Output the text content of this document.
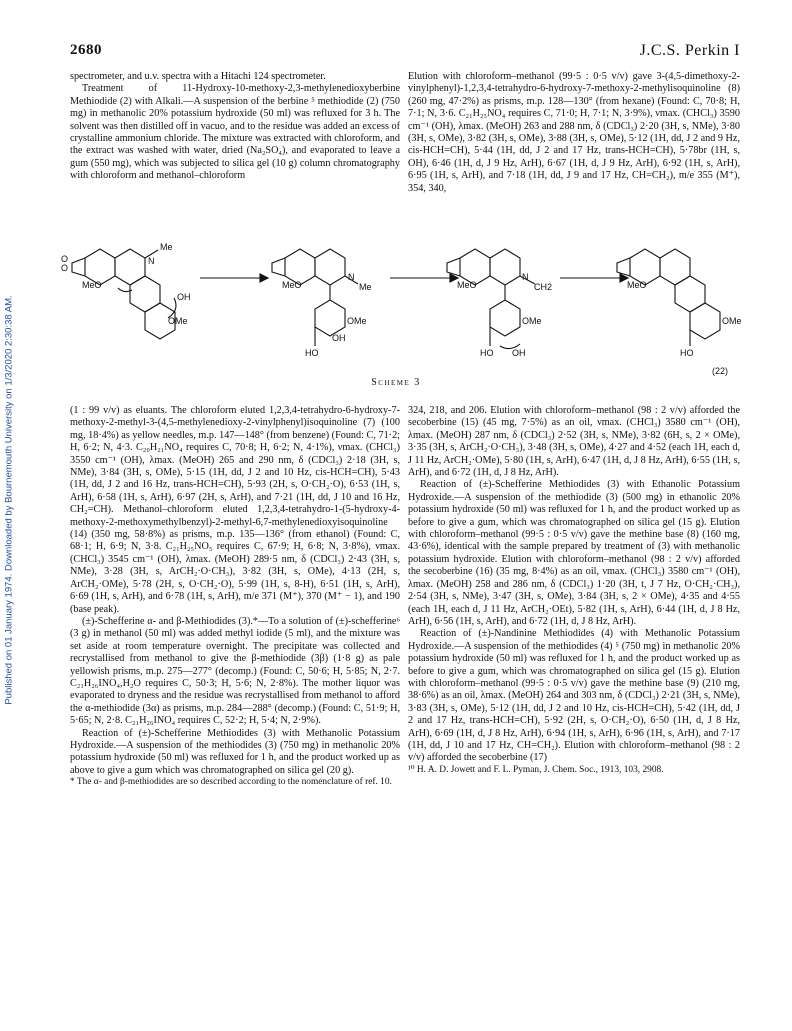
2680	J.C.S. Perkin I
Published on 01 January 1974. Downloaded by Bournemouth University on 1/3/2020 2:30:38 AM.

spectrometer, and u.v. spectra with a Hitachi 124 spectrometer.

Treatment of 11-Hydroxy-10-methoxy-2,3-methylenedioxyberbine Methiodide (2) with Alkali.—A suspension of the berbine ⁵ methiodide (2) (750 mg) in methanolic 20% potassium hydroxide (50 ml) was refluxed for 3 h. The solvent was then distilled off in vacuo, and to the residue was added an excess of crystalline ammonium chloride. The mixture was extracted with chloroform, and the extract was washed with water, dried (Na₂SO₄), and evaporated to leave a gum (550 mg), which was subjected to silica gel (10 g) column chromatography with chloroform and methanol–chloroform

Elution with chloroform–methanol (99·5 : 0·5 v/v) gave 3-(4,5-dimethoxy-2-vinylphenyl)-1,2,3,4-tetrahydro-6-hydroxy-7-methoxy-2-methylisoquinoline (8) (260 mg, 47·2%) as prisms, m.p. 128—130° (from hexane) (Found: C, 70·8; H, 7·1; N, 3·6. C₂₁H₂₅NO₄ requires C, 71·0; H, 7·1; N, 3·9%), νmax. (CHCl₃) 3590 cm⁻¹ (OH), λmax. (MeOH) 263 and 288 nm, δ (CDCl₃) 2·20 (3H, s, NMe), 3·80 (3H, s, OMe), 3·82 (3H, s, OMe), 3·88 (3H, s, OMe), 5·12 (1H, dd, J 2 and 9 Hz, cis-HCH=CH), 5·44 (1H, dd, J 2 and 17 Hz, trans-HCH=CH), 5·78br (1H, s, OH), 6·46 (1H, d, J 9 Hz, ArH), 6·67 (1H, d, J 9 Hz, ArH), 6·92 (1H, s, ArH), 6·95 (1H, s, ArH), and 7·18 (1H, dd, J 9 and 17 Hz, CH=CH₂), m/e 355 (M⁺), 354, 340,

O
O
MeO
N
Me
OH
OMe
MeO
N
Me
OMe
OH
HO
MeO
N
CH2
OMe
HO OH
MeO
OMe
HO
(22)
Scheme 3

(1 : 99 v/v) as eluants. The chloroform eluted 1,2,3,4-tetrahydro-6-hydroxy-7-methoxy-2-methyl-3-(4,5-methylenedioxy-2-vinylphenyl)isoquinoline (7) (100 mg, 18·4%) as yellow needles, m.p. 147—148° (from benzene) (Found: C, 71·2; H, 6·2; N, 4·3. C₂₀H₂₁NO₄ requires C, 70·8; H, 6·2; N, 4·1%), νmax. (CHCl₃) 3550 cm⁻¹ (OH), λmax. (MeOH) 265 and 290 nm, δ (CDCl₃) 2·18 (3H, s, NMe), 3·84 (3H, s, OMe), 5·15 (1H, dd, J 2 and 10 Hz, cis-HCH=CH), 5·43 (1H, dd, J 2 and 16 Hz, trans-HCH=CH), 5·93 (2H, s, O·CH₂·O), 6·53 (1H, s, ArH), 6·58 (1H, s, ArH), 6·97 (2H, s, ArH), and 7·21 (1H, dd, J 10 and 16 Hz, CH₂=CH). Methanol–chloroform eluted 1,2,3,4-tetrahydro-1-(5-hydroxy-4-methoxy-2-methoxymethylbenzyl)-2-methyl-6,7-methylenedioxyisoquinoline (14) (350 mg, 58·8%) as prisms, m.p. 135—136° (from ethanol) (Found: C, 68·1; H, 6·9; N, 3·8. C₂₁H₂₅NO₅ requires C, 67·9; H, 6·8; N, 3·8%), νmax. (CHCl₃) 3545 cm⁻¹ (OH), λmax. (MeOH) 289·5 nm, δ (CDCl₃) 2·43 (3H, s, NMe), 3·28 (3H, s, ArCH₂·O·CH₃), 3·82 (3H, s, OMe), 4·13 (2H, s, ArCH₂·OMe), 5·78 (2H, s, O·CH₂·O), 5·99 (1H, s, 8-H), 6·51 (1H, s, ArH), 6·69 (1H, s, ArH), and 6·78 (1H, s, ArH), m/e 371 (M⁺), 370 (M⁺ − 1), and 190 (base peak).

(±)-Schefferine α- and β-Methiodides (3).*—To a solution of (±)-schefferine⁶ (3 g) in methanol (50 ml) was added methyl iodide (5 ml), and the mixture was set aside at room temperature overnight. The precipitate was collected and recrystallised from methanol to give the β-methiodide (3β) (1·8 g) as pale yellowish prisms, m.p. 275—277° (decomp.) (Found: C, 50·6; H, 5·85; N, 2·7. C₂₁H₂₆INO₄,H₂O requires C, 50·3; H, 5·6; N, 2·8%). The mother liquor was evaporated to dryness and the residue was recrystallised from methanol to afford the α-methiodide (3α) as prisms, m.p. 284—288° (decomp.) (Found: C, 51·9; H, 5·65; N, 2·8. C₂₁H₂₆INO₄ requires C, 52·2; H, 5·4; N, 2·9%).

Reaction of (±)-Schefferine Methiodides (3) with Methanolic Potassium Hydroxide.—A suspension of the methiodides (3) (750 mg) in methanolic 20% potassium hydroxide (50 ml) was refluxed for 1 h, and the product worked up as above to give a gum which was chromatographed on silica gel (20 g).

* The α- and β-methiodides are so described according to the nomenclature of ref. 10.

324, 218, and 206. Elution with chloroform–methanol (98 : 2 v/v) afforded the secoberbine (15) (45 mg, 7·5%) as an oil, νmax. (CHCl₃) 3580 cm⁻¹ (OH), λmax. (MeOH) 287 nm, δ (CDCl₃) 2·52 (3H, s, NMe), 3·82 (6H, s, 2 × OMe), 3·35 (3H, s, ArCH₂·O·CH₃), 3·48 (3H, s, OMe), 4·27 and 4·52 (each 1H, each d, J 11 Hz, ArCH₂·OMe), 5·80 (1H, s, ArH), 6·47 (1H, d, J 8 Hz, ArH), 6·55 (1H, s, ArH), and 6·72 (1H, d, J 8 Hz, ArH).

Reaction of (±)-Schefferine Methiodides (3) with Ethanolic Potassium Hydroxide.—A suspension of the methiodide (3) (500 mg) in ethanolic 20% potassium hydroxide (50 ml) was refluxed for 1 h, and the product worked up as before to give a gum, which was chromatographed on silica gel (15 g). Elution with chloroform–methanol (99·5 : 0·5 v/v) gave the methine base (8) (160 mg, 43·6%), identical with the sample prepared by treatment of (3) with methanolic potassium hydroxide. Elution with chloroform–methanol (98 : 2 v/v) afforded the secoberbine (16) (35 mg, 8·4%) as an oil, νmax. (CHCl₃) 3580 cm⁻¹ (OH), λmax. (MeOH) 258 and 286 nm, δ (CDCl₃) 1·20 (3H, t, J 7 Hz, O·CH₂·CH₃), 2·54 (3H, s, NMe), 3·47 (3H, s, OMe), 3·84 (3H, s, 2 × OMe), 4·35 and 4·55 (each 1H, each d, J 11 Hz, ArCH₂·OEt), 5·82 (1H, s, ArH), 6·44 (1H, d, J 8 Hz, ArH), 6·56 (1H, s, ArH), and 6·72 (1H, d, J 8 Hz, ArH).

Reaction of (±)-Nandinine Methiodides (4) with Methanolic Potassium Hydroxide.—A suspension of the methiodides (4) ⁵ (750 mg) in methanolic 20% potassium hydroxide (50 ml) was refluxed for 1 h, and the product worked up as before to give a gum, which was chromatographed on silica gel (15 g). Elution with chloroform–methanol (99·5 : 0·5 v/v) gave the methine base (9) (210 mg, 38·6%) as an oil, λmax. (MeOH) 264 and 303 nm, δ (CDCl₃) 2·21 (3H, s, NMe), 3·83 (3H, s, OMe), 5·12 (1H, dd, J 2 and 10 Hz, cis-HCH=CH), 5·42 (1H, dd, J 2 and 17 Hz, trans-HCH=CH), 5·92 (2H, s, O·CH₂·O), 6·50 (1H, d, J 8 Hz, ArH), 6·69 (1H, d, J 8 Hz, ArH), 6·94 (1H, s, ArH), 6·96 (1H, s, ArH), and 7·17 (1H, dd, J 10 and 17 Hz, CH=CH₂). Elution with chloroform–methanol (98 : 2 v/v) afforded the secoberbine (17)

¹⁰ H. A. D. Jowett and F. L. Pyman, J. Chem. Soc., 1913, 103, 2908.
